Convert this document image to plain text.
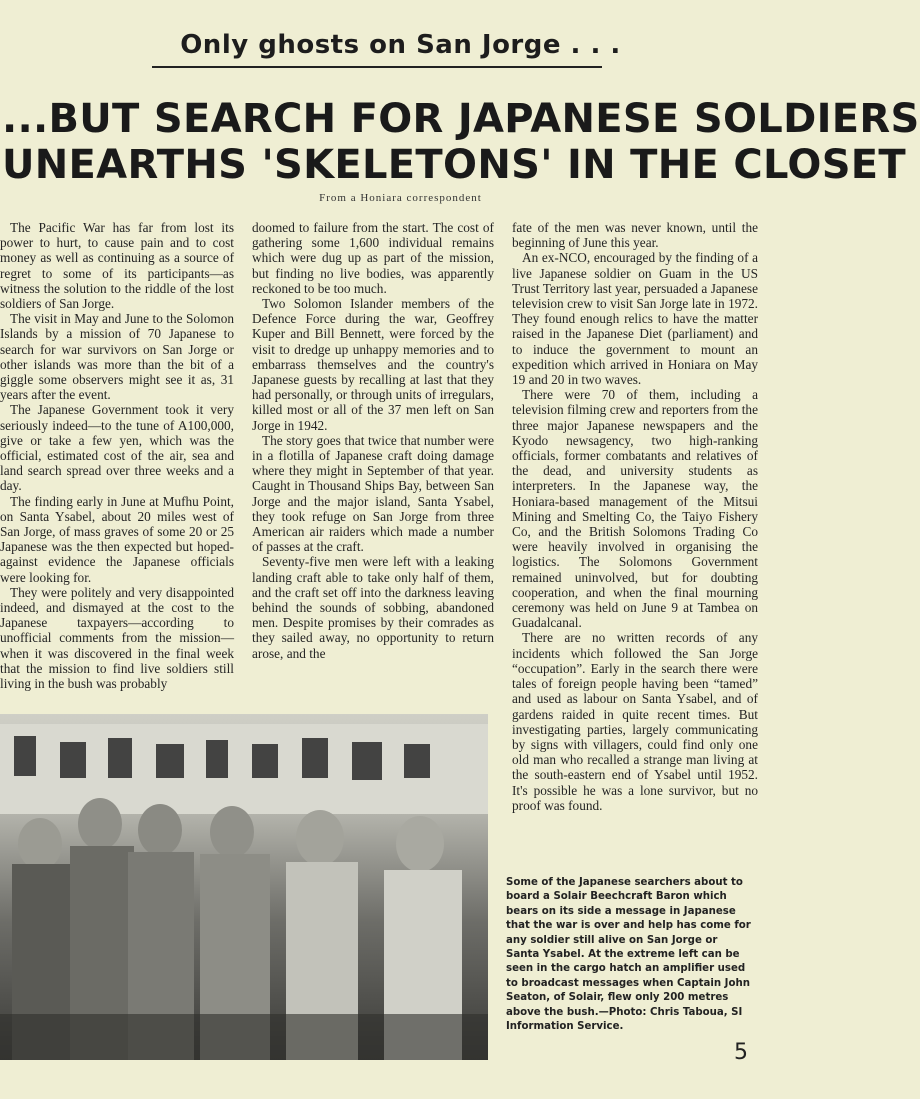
Only ghosts on San Jorge . . .
...BUT SEARCH FOR JAPANESE SOLDIERS
UNEARTHS 'SKELETONS' IN THE CLOSET
From a Honiara correspondent

The Pacific War has far from lost its power to hurt, to cause pain and to cost money as well as continuing as a source of regret to some of its participants—as witness the solution to the riddle of the lost soldiers of San Jorge.

The visit in May and June to the Solomon Islands by a mission of 70 Japanese to search for war survivors on San Jorge or other islands was more than the bit of a giggle some observers might see it as, 31 years after the event.

The Japanese Government took it very seriously indeed—to the tune of A100,000, give or take a few yen, which was the official, estimated cost of the air, sea and land search spread over three weeks and a day.

The finding early in June at Mufhu Point, on Santa Ysabel, about 20 miles west of San Jorge, of mass graves of some 20 or 25 Japanese was the then expected but hoped-against evidence the Japanese officials were looking for.

They were politely and very disappointed indeed, and dismayed at the cost to the Japanese taxpayers—according to unofficial comments from the mission—when it was discovered in the final week that the mission to find live soldiers still living in the bush was probably

doomed to failure from the start. The cost of gathering some 1,600 individual remains which were dug up as part of the mission, but finding no live bodies, was apparently reckoned to be too much.

Two Solomon Islander members of the Defence Force during the war, Geoffrey Kuper and Bill Bennett, were forced by the visit to dredge up unhappy memories and to embarrass themselves and the country's Japanese guests by recalling at last that they had personally, or through units of irregulars, killed most or all of the 37 men left on San Jorge in 1942.

The story goes that twice that number were in a flotilla of Japanese craft doing damage where they might in September of that year. Caught in Thousand Ships Bay, between San Jorge and the major island, Santa Ysabel, they took refuge on San Jorge from three American air raiders which made a number of passes at the craft.

Seventy-five men were left with a leaking landing craft able to take only half of them, and the craft set off into the darkness leaving behind the sounds of sobbing, abandoned men. Despite promises by their comrades as they sailed away, no opportunity to return arose, and the

fate of the men was never known, until the beginning of June this year.

An ex-NCO, encouraged by the finding of a live Japanese soldier on Guam in the US Trust Territory last year, persuaded a Japanese television crew to visit San Jorge late in 1972. They found enough relics to have the matter raised in the Japanese Diet (parliament) and to induce the government to mount an expedition which arrived in Honiara on May 19 and 20 in two waves.

There were 70 of them, including a television filming crew and reporters from the three major Japanese newspapers and the Kyodo newsagency, two high-ranking officials, former combatants and relatives of the dead, and university students as interpreters. In the Japanese way, the Honiara-based management of the Mitsui Mining and Smelting Co, the Taiyo Fishery Co, and the British Solomons Trading Co were heavily involved in organising the logistics. The Solomons Government remained uninvolved, but for doubting cooperation, and when the final mourning ceremony was held on June 9 at Tambea on Guadalcanal.

There are no written records of any incidents which followed the San Jorge “occupation”. Early in the search there were tales of foreign people having been “tamed” and used as labour on Santa Ysabel, and of gardens raided in quite recent times. But investigating parties, largely communicating by signs with villagers, could find only one old man who recalled a strange man living at the south-eastern end of Ysabel until 1952. It's possible he was a lone survivor, but no proof was found.

Some of the Japanese searchers about to board a Solair Beechcraft Baron which bears on its side a message in Japanese that the war is over and help has come for any soldier still alive on San Jorge or Santa Ysabel. At the extreme left can be seen in the cargo hatch an amplifier used to broadcast messages when Captain John Seaton, of Solair, flew only 200 metres above the bush.—Photo: Chris Taboua, SI Information Service.
5
